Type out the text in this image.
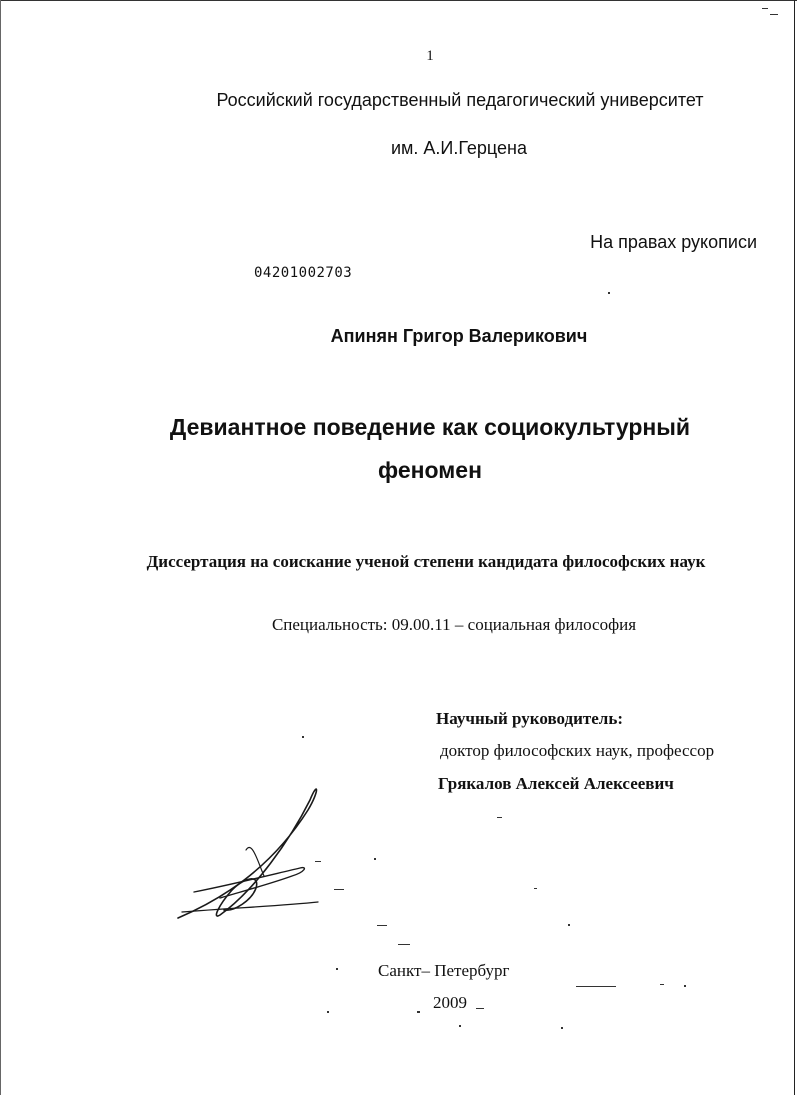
1
Российский государственный педагогический университет
им. А.И.Герцена
На правах рукописи
04201002703
Апинян Григор Валерикович
Девиантное поведение как социокультурный
феномен
Диссертация на соискание ученой степени кандидата философских наук
Специальность: 09.00.11 – социальная философия
Научный руководитель:
доктор философских наук, профессор
Грякалов Алексей Алексеевич
Санкт– Петербург
2009
